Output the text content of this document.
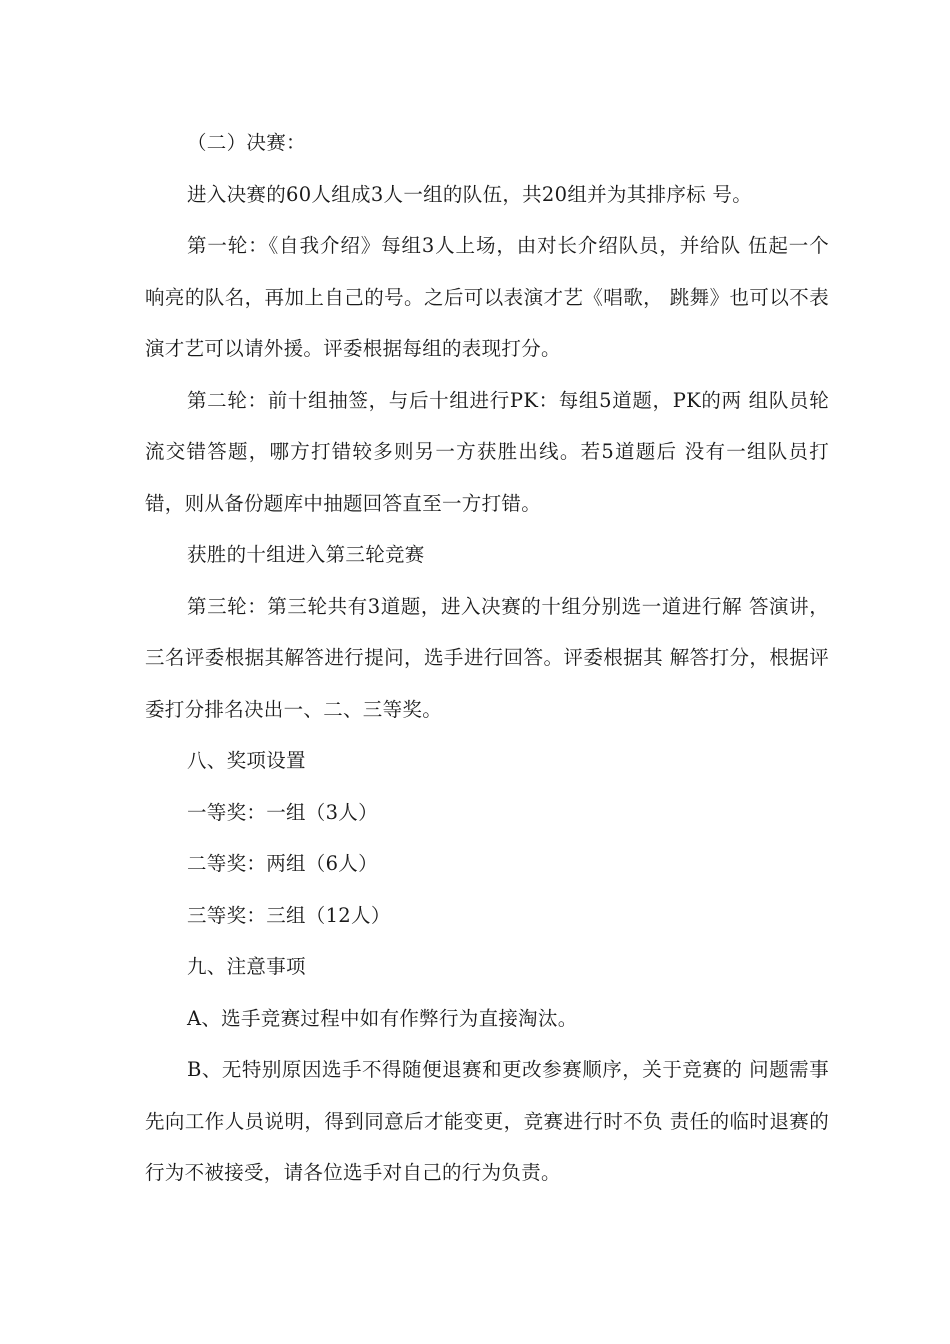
（二）决赛：

进入决赛的60人组成3人一组的队伍，共20组并为其排序标 号。

第一轮：《自我介绍》每组3人上场，由对长介绍队员，并给队 伍起一个响亮的队名，再加上自己的号。之后可以表演才艺《唱歌， 跳舞》也可以不表演才艺可以请外援。评委根据每组的表现打分。

第二轮：前十组抽签，与后十组进行PK：每组5道题，PK的两 组队员轮流交错答题，哪方打错较多则另一方获胜出线。若5道题后 没有一组队员打错，则从备份题库中抽题回答直至一方打错。

获胜的十组进入第三轮竞赛

第三轮：第三轮共有3道题，进入决赛的十组分别选一道进行解 答演讲，三名评委根据其解答进行提问，选手进行回答。评委根据其 解答打分，根据评委打分排名决出一、二、三等奖。

八、奖项设置

一等奖：一组（3人）

二等奖：两组（6人）

三等奖：三组（12人）

九、注意事项

A、选手竞赛过程中如有作弊行为直接淘汰。

B、无特别原因选手不得随便退赛和更改参赛顺序，关于竞赛的 问题需事先向工作人员说明，得到同意后才能变更，竞赛进行时不负 责任的临时退赛的行为不被接受，请各位选手对自己的行为负责。
